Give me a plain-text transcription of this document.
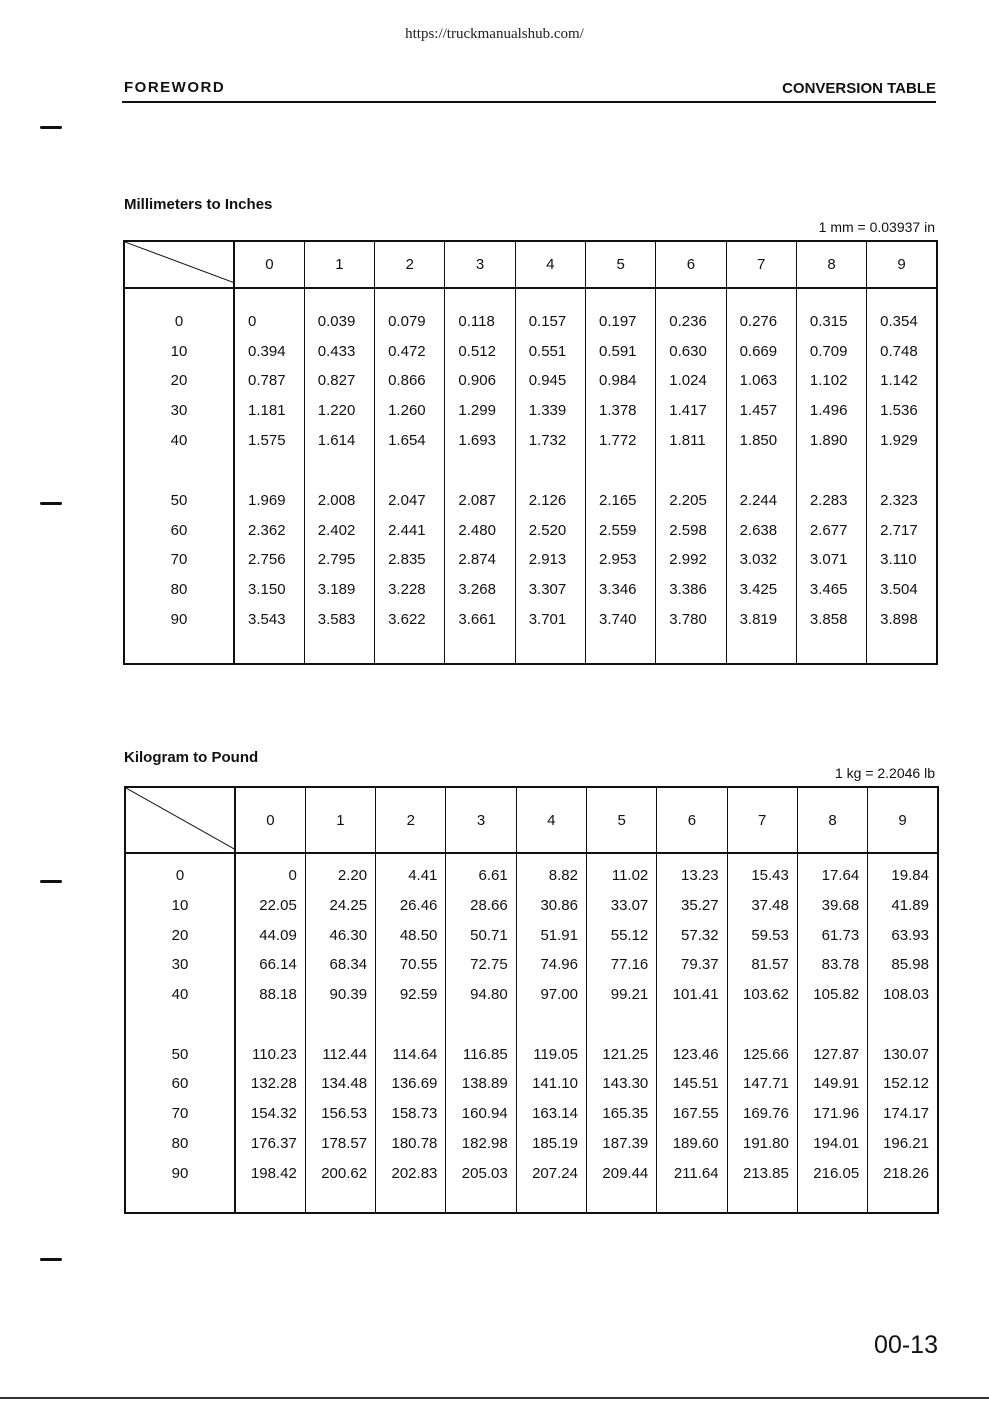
https://truckmanualshub.com/
FOREWORD	CONVERSION TABLE
Millimeters to Inches
1 mm = 0.03937 in
	0	1	2	3	4	5	6	7	8	9

0	0	0.039	0.079	0.118	0.157	0.197	0.236	0.276	0.315	0.354
10	0.394	0.433	0.472	0.512	0.551	0.591	0.630	0.669	0.709	0.748
20	0.787	0.827	0.866	0.906	0.945	0.984	1.024	1.063	1.102	1.142
30	1.181	1.220	1.260	1.299	1.339	1.378	1.417	1.457	1.496	1.536
40	1.575	1.614	1.654	1.693	1.732	1.772	1.811	1.850	1.890	1.929

50	1.969	2.008	2.047	2.087	2.126	2.165	2.205	2.244	2.283	2.323
60	2.362	2.402	2.441	2.480	2.520	2.559	2.598	2.638	2.677	2.717
70	2.756	2.795	2.835	2.874	2.913	2.953	2.992	3.032	3.071	3.110
80	3.150	3.189	3.228	3.268	3.307	3.346	3.386	3.425	3.465	3.504
90	3.543	3.583	3.622	3.661	3.701	3.740	3.780	3.819	3.858	3.898

Kilogram to Pound
1 kg = 2.2046 lb
	0	1	2	3	4	5	6	7	8	9

0	0	2.20	4.41	6.61	8.82	11.02	13.23	15.43	17.64	19.84
10	22.05	24.25	26.46	28.66	30.86	33.07	35.27	37.48	39.68	41.89
20	44.09	46.30	48.50	50.71	51.91	55.12	57.32	59.53	61.73	63.93
30	66.14	68.34	70.55	72.75	74.96	77.16	79.37	81.57	83.78	85.98
40	88.18	90.39	92.59	94.80	97.00	99.21	101.41	103.62	105.82	108.03

50	110.23	112.44	114.64	116.85	119.05	121.25	123.46	125.66	127.87	130.07
60	132.28	134.48	136.69	138.89	141.10	143.30	145.51	147.71	149.91	152.12
70	154.32	156.53	158.73	160.94	163.14	165.35	167.55	169.76	171.96	174.17
80	176.37	178.57	180.78	182.98	185.19	187.39	189.60	191.80	194.01	196.21
90	198.42	200.62	202.83	205.03	207.24	209.44	211.64	213.85	216.05	218.26

00-13
